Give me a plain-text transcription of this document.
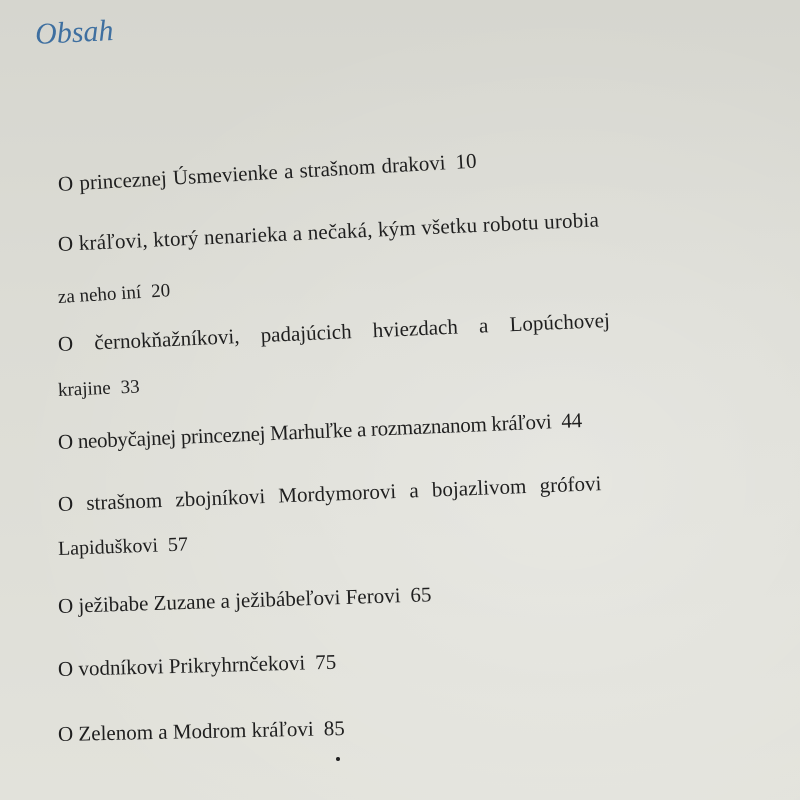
Obsah
O princeznej Úsmevienke a strašnom drakovi 10
O kráľovi, ktorý nenarieka a nečaká, kým všetku robotu urobia
za neho iní 20
O černokňažníkovi, padajúcich hviezdach a Lopúchovej
krajine 33
O neobyčajnej princeznej Marhuľke a rozmaznanom kráľovi 44
O strašnom zbojníkovi Mordymorovi a bojazlivom grófovi
Lapiduškovi 57
O ježibabe Zuzane a ježibábeľovi Ferovi 65
O vodníkovi Prikryhrnčekovi 75
O Zelenom a Modrom kráľovi 85
